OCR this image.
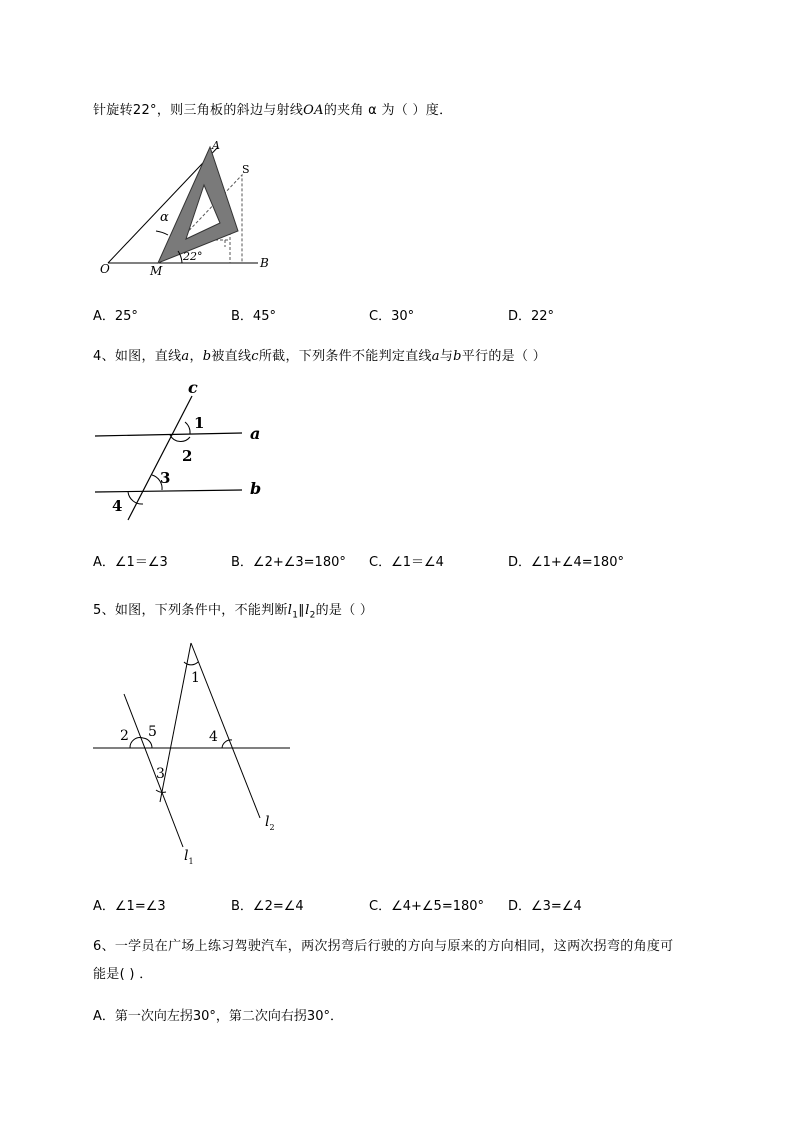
针旋转22°，则三角板的斜边与射线OA的夹角 α 为（ ）度．
O	M
B
A
S
α
22°
A．25°	B．45°	C．30°	D．22°
4、如图，直线a，b被直线c所截，下列条件不能判定直线a与b平行的是（ ）
c
a
b
1
2
3
4
A．∠1＝∠3	B．∠2+∠3=180° C．∠1＝∠4	D．∠1+∠4=180°
5、如图，下列条件中，不能判断$l_1\parallel l_2$的是（ ）
1
2 5	4
3
$l_1$
$l_2$
A．∠1=∠3	B．∠2=∠4	C．∠4+∠5=180° D．∠3=∠4
6、一学员在广场上练习驾驶汽车，两次拐弯后行驶的方向与原来的方向相同，这两次拐弯的角度可
能是( ) ．
A．第一次向左拐30°，第二次向右拐30°．
